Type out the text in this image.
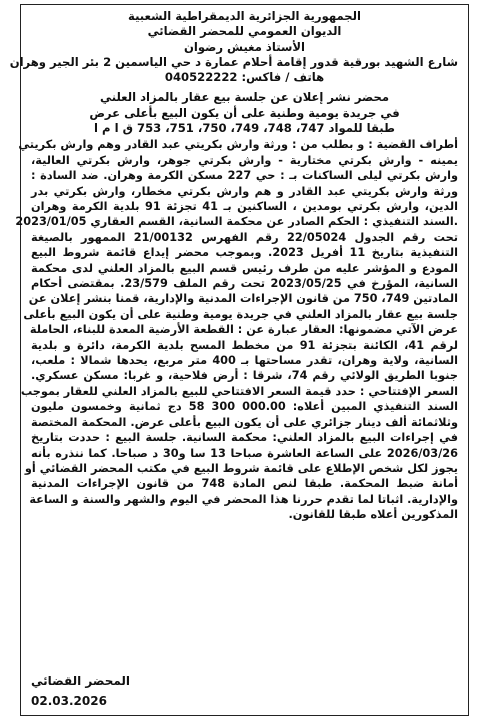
الجمهورية الجزائرية الديمقراطية الشعبية
الديوان العمومي للمحضر القضائي
الأستاذ مغيش رضوان
شارع الشهيد بورقية قدور إقامة أحلام عمارة د حي الياسمين 2 بئر الجير وهران
هاتف / فاكس: 040522222
محضر نشر إعلان عن جلسة بيع عقار بالمزاد العلني
في جريدة يومية وطنية على أن يكون البيع بأعلى عرض
طبقا للمواد 747، 748، 749، 750، 751، 753 ق ا م ا
أطراف القضية : و بطلب من : ورثة وارش بكريتي عبد القادر وهم وارش بكريتي
يمينه - وارش بكرتي مختارية - وارش بكرتي جوهر، وارش بكرتي العالية،
وارش بكرتي ليلى الساكنات بـ : حي 227 مسكن الكرمة وهران. ضد السادة :
ورثة وارش بكريتي عبد القادر و هم وارش بكرتي مخطار، وارش بكرتي بدر
الدين، وارش بكرتي بومدين ، الساكنين بـ 41 تجزئة 91 بلدية الكرمة وهران
.السند التنفيذي : الحكم الصادر عن محكمة السانية، القسم العقاري 2023/01/05
تحت رقم الجدول 22/05024 رقم الفهرس 21/00132 الممهور بالصيغة
التنفيذية بتاريخ 11 أفريل 2023. وبموجب محضر إيداع قائمة شروط البيع
المودع و المؤشر عليه من طرف رئيس قسم البيع بالمزاد العلني لدى محكمة
السانية، المؤرخ في 2023/05/25 تحت رقم الملف 23/579. بمقتضى أحكام
المادتين 749، 750 من قانون الإجراءات المدنية والإدارية، قمنا بنشر إعلان عن
جلسة بيع عقار بالمزاد العلني في جريدة يومية وطنية على أن يكون البيع بأعلى
عرض الآتي مضمونها: العقار عبارة عن : القطعة الأرضية المعدة للبناء، الحاملة
لرقم 41، الكائنة بتجزئة 91 من مخطط المسح بلدية الكرمة، دائرة و بلدية
السانية، ولاية وهران، تقدر مساحتها بـ 400 متر مربع، يحدها شمالا : ملعب،
جنوبا الطريق الولائي رقم 74، شرقا : أرض فلاحية، و غربا: مسكن عسكري.
السعر الإفتتاحي : حدد قيمة السعر الافتتاحي للبيع بالمزاد العلني للعقار بموجب
السند التنفيذي المبين أعلاه: 000.00 300 58 دج ثمانية وخمسون مليون
وثلاثمائة ألف دينار جزائري على أن يكون البيع بأعلى عرض. المحكمة المختصة
في إجراءات البيع بالمزاد العلني: محكمة السانية. جلسة البيع : حددت بتاريخ
2026/03/26 على الساعة العاشرة صباحا 13 سا و30 د صباحا. كما ننذره بأنه
يجوز لكل شخص الإطلاع على قائمة شروط البيع في مكتب المحضر القضائي أو
أمانة ضبط المحكمة. طبقا لنص المادة 748 من قانون الإجراءات المدنية
والإدارية. اثباتا لما تقدم حررنا هذا المحضر في اليوم والشهر والسنة و الساعة
المذكورين أعلاه طبقا للقانون.
المحضر القضائي
02.03.2026
